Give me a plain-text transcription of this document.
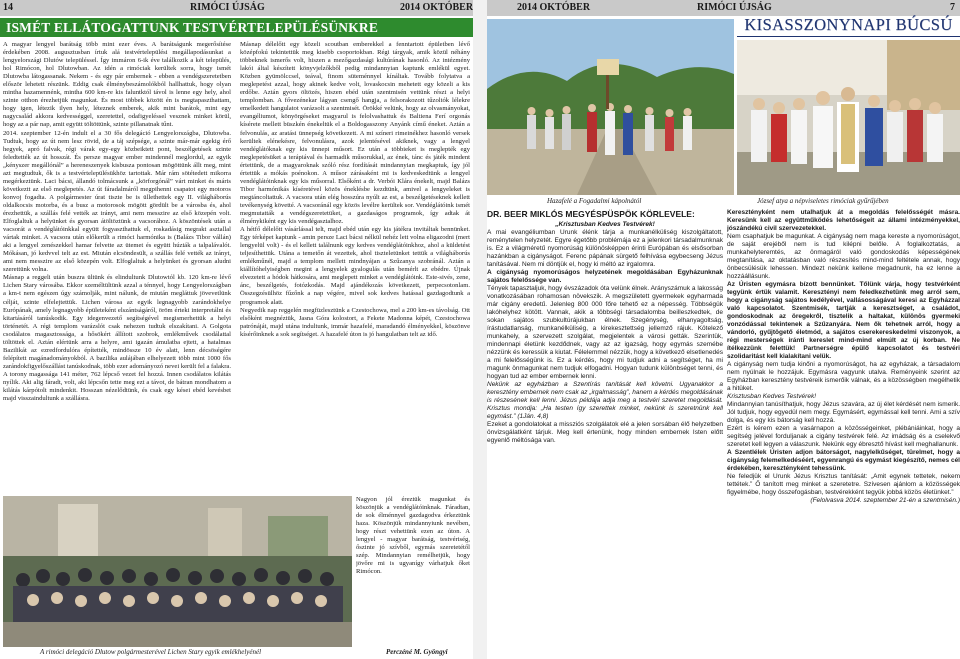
14	RIMÓCI ÚJSÁG	2014 OKTÓBER
ISMÉT ELLÁTOGATTUNK TESTVÉRTELEPÜLÉSÜNKRE

A magyar lengyel barátság több mint ezer éves. A barátságunk megerősítése érdekében 2008. augusztusban írtuk alá testvértelepülési megállapodásunkat a lengyelországi Dlutów településsel. Így immáron 6-ik éve találkozik a két település, hol Rimócon, hol Dlutowban. Az idén a rimóciak kerültek sorra, hogy ismét Dlutowba látogassanak. Nekem - és egy pár embernek - ebben a vendégszeretetben először lehetett részünk. Eddig csak élménybeszámolókból hallhattuk, hogy olyan mintha hazamennénk, mintha 600 km-re kis faluntktól távol is lenne egy hely, ahol szinte otthon érezhetjük magunkat. És most többek között én is megtapaszthattam, hogy igen, létezik ilyen hely, léteznek emberek, akik mint barátok, mint egy nagycsalád akkora kedvességgel, szeretettel, odafigyeléssel vesznek minket körül, hogy az a pár nap, amit együtt töltöttünk, szinte pillanatnak tűnt.

2014. szeptember 12-én indult el a 30 fős delegáció Lengyelországba, Dlutowba. Tudtuk, hogy az út nem lesz rövid, de a táj szépsége, a szinte már-már egekig érő hegyek, apró falvak, régi várak egy-egy közbeiktett pont, beszélgetések szinte feledtették az út hosszát. És persze magyar ember mindennél meglordul, az egyik „kényszer megállónál” a hereneszenyek kisbusza pontosan mögöttünk állt meg, mint azt megtudtuk, ők is a testvértelepülésükhöz tartottak. Már rám sötétedett mikorra megérkeztünk. Laci bácsi, állandó tolmácsunk a „körforgónál” várt minket és máris következtt az első meglepetés. Az út fáradalmáról megpihenni csapatot egy motoros konvoj fogadta. A polgármester úrat tiszte be is üllethettek egy II. világháborús oldalkocsis motorba, és a busz a motorosok mögött gördült be a városba és, ahol érezhettük, a szállás felé vették az irányt, ami nem messzire az első közepén volt. Elfoglaltuk a helyünket és gyorsan átöltöztünk a vacsorához. A köszöntések után a vacsorát a vendéglátóinkkal együtt fogyaszthattuk el, roskadásig megrakt asztallal vártak minket. A vacsora után előkerült a rimóci harmónika is (Balázs Tibor vállán) aki a lengyel zenészekkel hamar felvette az ütemet és együtt húzták a talpalávalót. Mókásan, jó kedvvel telt az est. Miután elcsöndesült, a szállás felé vették az irányt, ami nem messzire az első közepén volt. Elfoglaltuk a helyünket és gyorsan aludni szerettünk volna.

Másnap a reggeli után buszra ültünk és elindultunk Dlutowtól kb. 120 km-re lévő Lichen Stary városába. Ekkor személtültünk azzal a ténnyel, hogy Lengyelországban a km-t nem egészen úgy számolják, mint nálunk, de miután megláttuk jövevetlünk célját, szinte elfelejtettük. Lichen városa az egyik legnagyobb zarándokhelye Európának, amely legnagyobb épületeként elszántságáról, öröm érteki interpretálni és kitartásáról tanúskodik. Egy idegenvezető segítségével megismerhettük a helyi történetét. A régi templom varázslót csak nehezen tudtuk elszakítani. A Golgota csodálatos magasztossága, a hősökért állított szobrok, emlékművek csodálattal töltöttek el. Aztán elértünk arra a helyre, ami igazán ámulatba ejtett, a hatalmas Bazilikát az ezredfordulóra építették, mindössze 10 év alatt, lenn décsöségére felépített magánadományokból. A bazilika aulájában elhelyezett több mint 1000 fős zarándokfigyelőszállást tanúskodnak, több ezer adományozó nevei került fel a falakra. A torony magassága 141 méter, 762 lépcső vezet fel hozzá. Innen csodálatos kilátás nyílik. Aki alig fáradt, volt, aki lépcsőn tette meg ezt a távot, de bátran mondhatom a kilátás kárpótolt mindenkit. Hosszan nézelődtünk, és csak egy kései ebéd kevésbet majd visszaindultunk a szállásra.

Másnap délelőtt egy közeli scoutban emberekkel a fenntartott épületben lévő középfokú tekintettük meg kisebb csoportokban. Régi tárgyak, amik közül néhány többeknek ismerős volt, hiszen a mezőgazdasági kultúrának hasonló. Az intézmény lakói által készített könyvjelzőkből pedig mindannyian kaptunk emlékül egyet. Közben gyümölccsel, teával, finom süteménnyel kínáltak. Tovább folytatva a meglepetést azzal, hogy akinek kedve volt, lovaskocsin mehetett egy közeli a kis erdőbe. Aztán gyors öltözés, hiszen ebéd után szentmisén vettünk részt a helyi templomban. A fővezénekar lágyan csengő hangja, a felsorakozott tűzoltók lélekre emelkedett hangulatot varázsolt a szentmisét. Örökké velünk, hogy az olvasmányokat, evangéliumot, könyörgéseket magyarul is felolvashattuk és Baltiena Ferí orgonás kísérete mellett büszkén énekeltük el a Boldogasszony Anyánk című éneket. Aztán a felvonulás, az aratási ünnepség következett. A mi színeri rimeinékhez hasonló versek kerültek elénekésre, felvonulásra, azok jelentésével akiknek, vagy a lengyel vendéglátóknak egy kis ünnepi műsort. Ez után a többieket is meglepték egy meglepetésüket a terápiával és harmadik műsorukkal, az ének, tánc és játék mindent értettünk, de a magyaroknak szóló rész fordítását mindannyian megkaptuk, így jól értettük a mókás poénokon. A műsor zárásaként mi is kedveskedtünk a lengyel vendéglátóinknak egy kis műsorral. Elsőként a dr. Verbói Klára énekelt, majd Balázs Tibor harmónikás kíséretével közös éneklésbe kezdtünk, amivel a lengyeleket is megtáncoltattuk. A vacsora után elég hosszúra nyúlt az est, a beszélgetéseknek kellett tevékenység követté. A vacsoránál egy közös levélre kerültek sor. Vendéglátóink ismét megmutatták a vendégszeretetüket, a gazdaságos programok, így adtak át élménykiként egy kis vendégasztalhoz.

A hétfő délelőtt vásárlással telt, majd ebéd után egy kis játékra invitáltak bennünket. Egy térképet kaptunk - amin persze Laci bácsi nélkül nehéz lett volna eligazodni (mert lengyelül volt) - és el kellett találnunk egy kedves vendéglátóinkhoz, ahol a küldetést teljesíthettük. Utána a temetőn át vezettek, ahol tiszteletünket tettük a világháborús emlékműnél, majd a templom mellett mindnyájan a Szűzanya szobránál. Aztán a kiállítóhelyiségben megint a lengyelek gyalogulás után bemérlt az ebédre. Újnak elvezetett a hódok hátkosára, ami meglepett minket a vendéglátóink. Este-sivés, zene, ánc, beszélgetés, fotózkodás. Majd ajándékozás következett, perpecsotonlam. Összegzésülhöz fűzőnk a nap végére, mivel sok kedves hatással gazdagodtunk a programok alatt.

Negyedik nap reggelén megfüzlesztünk a Czestochowa, mel a 200 km-es távolság. Ott elsőként megnéztük, Jasna Góra kolostort, a Fekete Madonna képét, Czestochowa patrónáját, majd utána indultunk, immár hazafelé, maradandó élményekkel, köszönve kísérőinknek a sok segítséget. A hazafelé úton is jó hangulatban telt az idő.

Nagyon jól éreztük magunkat és köszönjük a vendéglátóinknak. Fáradtan, de sok élménnyel gazdagodva érkeztünk haza. Köszönjük mindannyiunk nevében, hogy részt vehettünk ezen az úton. A lengyel - magyar barátság, testvériség, őszinte jó szívből, egymás szeretetétől szép. Mindannyian remélhetjük, hogy jövőre mi is ugyanígy várhatjuk őket Rimócon.

Perczéné M. Gyöngyi
A rimóci delegáció Dlutow polgármesterével Lichen Stary egyik emlékhelyénél
2014 OKTÓBER	RIMÓCI ÚJSÁG	7
KISASSZONYNAPI BÚCSÚ
Hazafelé a Fogadalmi kápolnától	József atya a népviseletes rimóciak gyűrűjében
DR. BEER MIKLÓS MEGYÉSPÜSPÖK KÖRLEVELE:

„Krisztusban Kedves Testvérek!

A mai evangéliumban Urunk élénk tárja a munkanélküliség kiszolgáltatott, reménytelen helyzetét. Egyre égetőbb problémája ez a jelenkori társadalmunknak is. Ez a világméretű nyomorúság különösképpen érinti Európában és elsősorban hazánkban a cigányságot. Ferenc pápának sürgető felhívása egybecseng Jézus tanításával. Nem mi döntjük el, hogy ki méltó az irgalomra.

A cigányság nyomorúságos helyzetének megoldásában Egyházunknak sajátos felelőssége van.

Tények tapasztaljuk, hogy évszázadok óta velünk élnek. Arányszámuk a lakosság vonatkozásában rohamosan növekszik. A megszületett gyermekek egyharmada már cigány eredetű. Jelenleg 800 000 főre tehető ez a népesség. Többségük lakóhelyhez kötött. Vannak, akik a többségi társadalomba beilleszkedtek, de sokan sajátos szubkultúrájukban élnek. Szegénység, elhanyagoltság, írástudatlanság, munkanélküliség, a kirekesztettség jellemző rájuk. Kötelező munkahely, a szervezett szolgálat, megjelentek a városi getták. Szerintük, mindennapi életünk kezdődnek, vagy az az igazság, hogy egymás szemébe nézzünk és keressük a kiutat. Félelemmel nézzük, hogy a következő elsetlenedés a mi felelősségünk is. Ez a kérdés, hogy mi tudjuk adni a segítséget, ha mi magunk önmagunkat nem tudjuk elfogadni. Hogyan tudunk különbséget tenni, és hogyan tud az ember embernek lenni.

Nekünk az egyházban a Szentírás tanítását kell követni. Ugyanakkor a keresztény embernek nem csak az „irgalmasság”, hanem a kérdés megoldásának is részesének kell lenni. Jézus példája adja meg a testvéri szeretet megoldását. Krisztus mondja: „Ha testen így szerettek minket, nekünk is szeretnünk kell egymást.” (1Ján. 4,8)

Ezeket a gondolatokat a missziós szolgálatok elé a jelen sorsában élő helyzetben önvizsgálatként tárjuk. Meg kell értenünk, hogy minden embernek Isten előtt egyenlő méltósága van.

Keresztényként nem utalhatjuk át a megoldás felelősségét másra. Keresünk kell az együttműködés lehetőségeit az állami intézményekkel, jószándékú civil szervezetekkel.

Nem csaphatjuk be magunkat. A cigányság nem maga kereste a nyomorúságot, de saját erejéből nem is tud kilépni belőle. A foglalkoztatás, a munkahelyteremtés, az önmagáról való gondoskodás képességének megtanítása, az oktatásban való részesítés mind-mind feltétele annak, hogy önbecsülésük lehessen. Mindezt nekünk kellene megadnunk, ha ez lenne a hozzáállásunk.

Az Úristen egymásra bízott bennünket. Tőlünk várja, hogy testvérként tegyünk értük valamit. Keresztényi nem feledkezhetünk meg arról sem, hogy a cigányság sajátos kedélyével, vallásosságával keresi az Egyházzal való kapcsolatot. Szentmisék, tartják a keresztséget, a családot, gondoskodnak az öregekről, tisztelik a haltakat, különös gyermeki vonzódással tekintenek a Szűzanyára. Nem ők tehetnek arról, hogy a vándorló, gyűjtögető életmód, a sajátos cserekereskedelmi viszonyok, a régi mesterségek iránti kereslet mind-mind elmúlt az új korban. Ne ítélkezzünk felettük! Partnerségre épülő kapcsolatot és testvéri szolidaritást kell kialakítani velük.

A cigányság nem tudja kinőni a nyomorúságot, ha az egyházak, a társadalom nem nyúlnak le hozzájuk. Egymásra vagyunk utalva. Reményeink szerint az Egyházban keresztény testvéreik ismerőik válnak, és a közösségben megélhetik a hitüket.

Krisztusban Kedves Testvérek!

Mindannyian tanúsíthatjuk, hogy Jézus szavára, az új élet kérdését nem ismerik. Jól tudjuk, hogy egyedül nem megy. Egymásért, egymással kell tenni. Ami a szív dolga, és egy kis bátorság kell hozzá.

Ezért is kérem ezen a vasárnapon a közösségeinket, plébániáinkat, hogy a segítség jelével forduljanak a cigány testvérek felé. Az imádság és a cselekvő szeretet kell legyen a válaszunk. Nekünk egy ébresztő hívást kell meghallanunk.

A Szentlélek Úristen adjon bátorságot, nagylelkűséget, türelmet, hogy a cigányság felemelkedéséért, egyenrangú és egymást kiegészítő, nemes cél érdekében, keresztényként tehessünk.

Ne feledjük el Urunk Jézus Krisztus tanítását: „Amit egynek tettetek, nekem tettétek.” Ő tanított meg minket a szeretetre. Szívesen ajánlom a közösségek figyelmébe, hogy összefogásban, testvérekként tegyük jobbá közös életünket.”

(Felolvasva 2014. szeptember 21-én a szentmisén.)
